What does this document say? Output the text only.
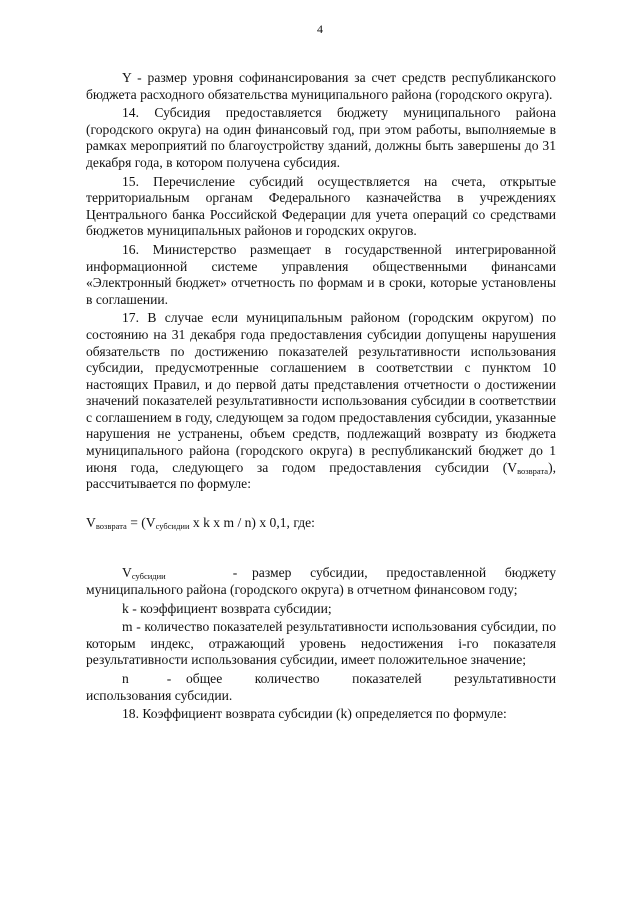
4

Y - размер уровня софинансирования за счет средств республиканского бюджета расходного обязательства муниципального района (городского округа).

14. Субсидия предоставляется бюджету муниципального района (городского округа) на один финансовый год, при этом работы, выполняемые в рамках мероприятий по благоустройству зданий, должны быть завершены до 31 декабря года, в котором получена субсидия.

15. Перечисление субсидий осуществляется на счета, открытые территориальным органам Федерального казначейства в учреждениях Центрального банка Российской Федерации для учета операций со средствами бюджетов муниципальных районов и городских округов.

16. Министерство размещает в государственной интегрированной информационной системе управления общественными финансами «Электронный бюджет» отчетность по формам и в сроки, которые установлены в соглашении.

17. В случае если муниципальным районом (городским округом) по состоянию на 31 декабря года предоставления субсидии допущены нарушения обязательств по достижению показателей результативности использования субсидии, предусмотренные соглашением в соответствии с пунктом 10 настоящих Правил, и до первой даты представления отчетности о достижении значений показателей результативности использования субсидии в соответствии с соглашением в году, следующем за годом предоставления субсидии, указанные нарушения не устранены, объем средств, подлежащий возврату из бюджета муниципального района (городского округа) в республиканский бюджет до 1 июня года, следующего за годом предоставления субсидии $(V_{возврата})$, рассчитывается по формуле:

$V_{возврата} = (V_{субсидии}$ x k x m / n) x 0,1, где:

$V_{субсидии}$	-	размер субсидии, предоставленной бюджету

муниципального района (городского округа) в отчетном финансовом году;

k - коэффициент возврата субсидии;

m - количество показателей результативности использования субсидии, по которым индекс, отражающий уровень недостижения i-го показателя результативности использования субсидии, имеет положительное значение;

n	-	общее количество показателей результативности

использования субсидии.

18. Коэффициент возврата субсидии (k) определяется по формуле:
